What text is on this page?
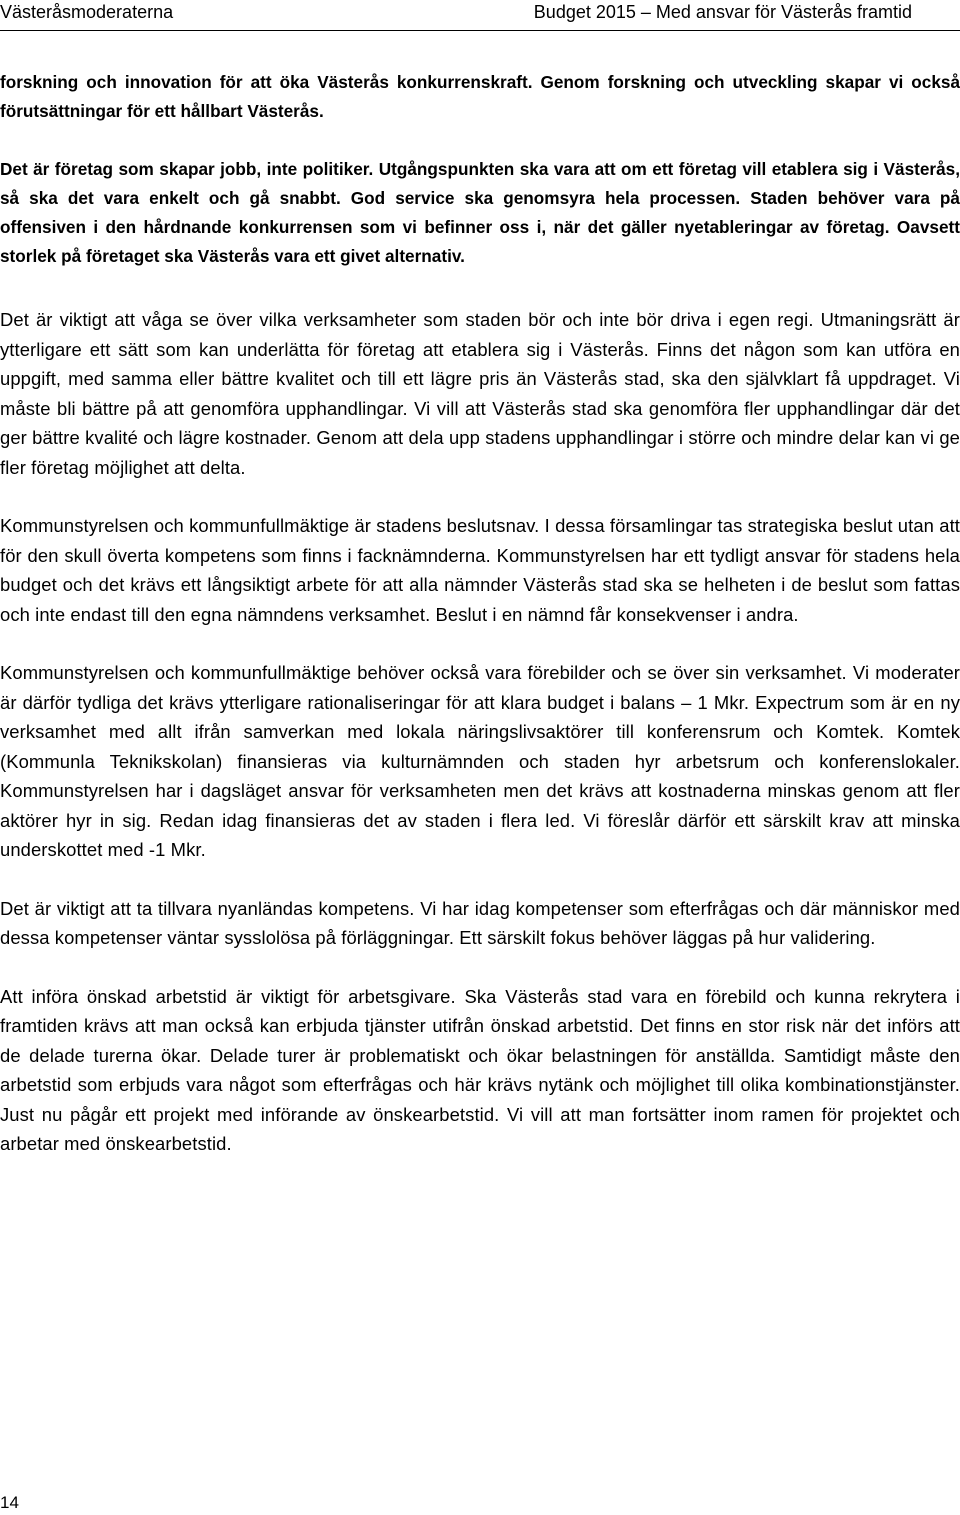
Västeråsmoderaterna	Budget 2015 – Med ansvar för Västerås framtid

forskning och innovation för att öka Västerås konkurrenskraft. Genom forskning och utveckling skapar vi också förutsättningar för ett hållbart Västerås.

Det är företag som skapar jobb, inte politiker. Utgångspunkten ska vara att om ett företag vill etablera sig i Västerås, så ska det vara enkelt och gå snabbt. God service ska genomsyra hela processen. Staden behöver vara på offensiven i den hårdnande konkurrensen som vi befinner oss i, när det gäller nyetableringar av företag. Oavsett storlek på företaget ska Västerås vara ett givet alternativ.

Det är viktigt att våga se över vilka verksamheter som staden bör och inte bör driva i egen regi. Utmaningsrätt är ytterligare ett sätt som kan underlätta för företag att etablera sig i Västerås. Finns det någon som kan utföra en uppgift, med samma eller bättre kvalitet och till ett lägre pris än Västerås stad, ska den självklart få uppdraget. Vi måste bli bättre på att genomföra upphandlingar. Vi vill att Västerås stad ska genomföra fler upphandlingar där det ger bättre kvalité och lägre kostnader. Genom att dela upp stadens upphandlingar i större och mindre delar kan vi ge fler företag möjlighet att delta.

Kommunstyrelsen och kommunfullmäktige är stadens beslutsnav. I dessa församlingar tas strategiska beslut utan att för den skull överta kompetens som finns i facknämnderna. Kommunstyrelsen har ett tydligt ansvar för stadens hela budget och det krävs ett långsiktigt arbete för att alla nämnder Västerås stad ska se helheten i de beslut som fattas och inte endast till den egna nämndens verksamhet. Beslut i en nämnd får konsekvenser i andra.

Kommunstyrelsen och kommunfullmäktige behöver också vara förebilder och se över sin verksamhet. Vi moderater är därför tydliga det krävs ytterligare rationaliseringar för att klara budget i balans – 1 Mkr. Expectrum som är en ny verksamhet med allt ifrån samverkan med lokala näringslivsaktörer till konferensrum och Komtek. Komtek (Kommunla Teknikskolan) finansieras via kulturnämnden och staden hyr arbetsrum och konferenslokaler. Kommunstyrelsen har i dagsläget ansvar för verksamheten men det krävs att kostnaderna minskas genom att fler aktörer hyr in sig. Redan idag finansieras det av staden i flera led. Vi föreslår därför ett särskilt krav att minska underskottet med -1 Mkr.

Det är viktigt att ta tillvara nyanländas kompetens. Vi har idag kompetenser som efterfrågas och där människor med dessa kompetenser väntar sysslolösa på förläggningar. Ett särskilt fokus behöver läggas på hur validering.

Att införa önskad arbetstid är viktigt för arbetsgivare. Ska Västerås stad vara en förebild och kunna rekrytera i framtiden krävs att man också kan erbjuda tjänster utifrån önskad arbetstid. Det finns en stor risk när det införs att de delade turerna ökar. Delade turer är problematiskt och ökar belastningen för anställda. Samtidigt måste den arbetstid som erbjuds vara något som efterfrågas och här krävs nytänk och möjlighet till olika kombinationstjänster. Just nu pågår ett projekt med införande av önskearbetstid. Vi vill att man fortsätter inom ramen för projektet och arbetar med önskearbetstid.

14
